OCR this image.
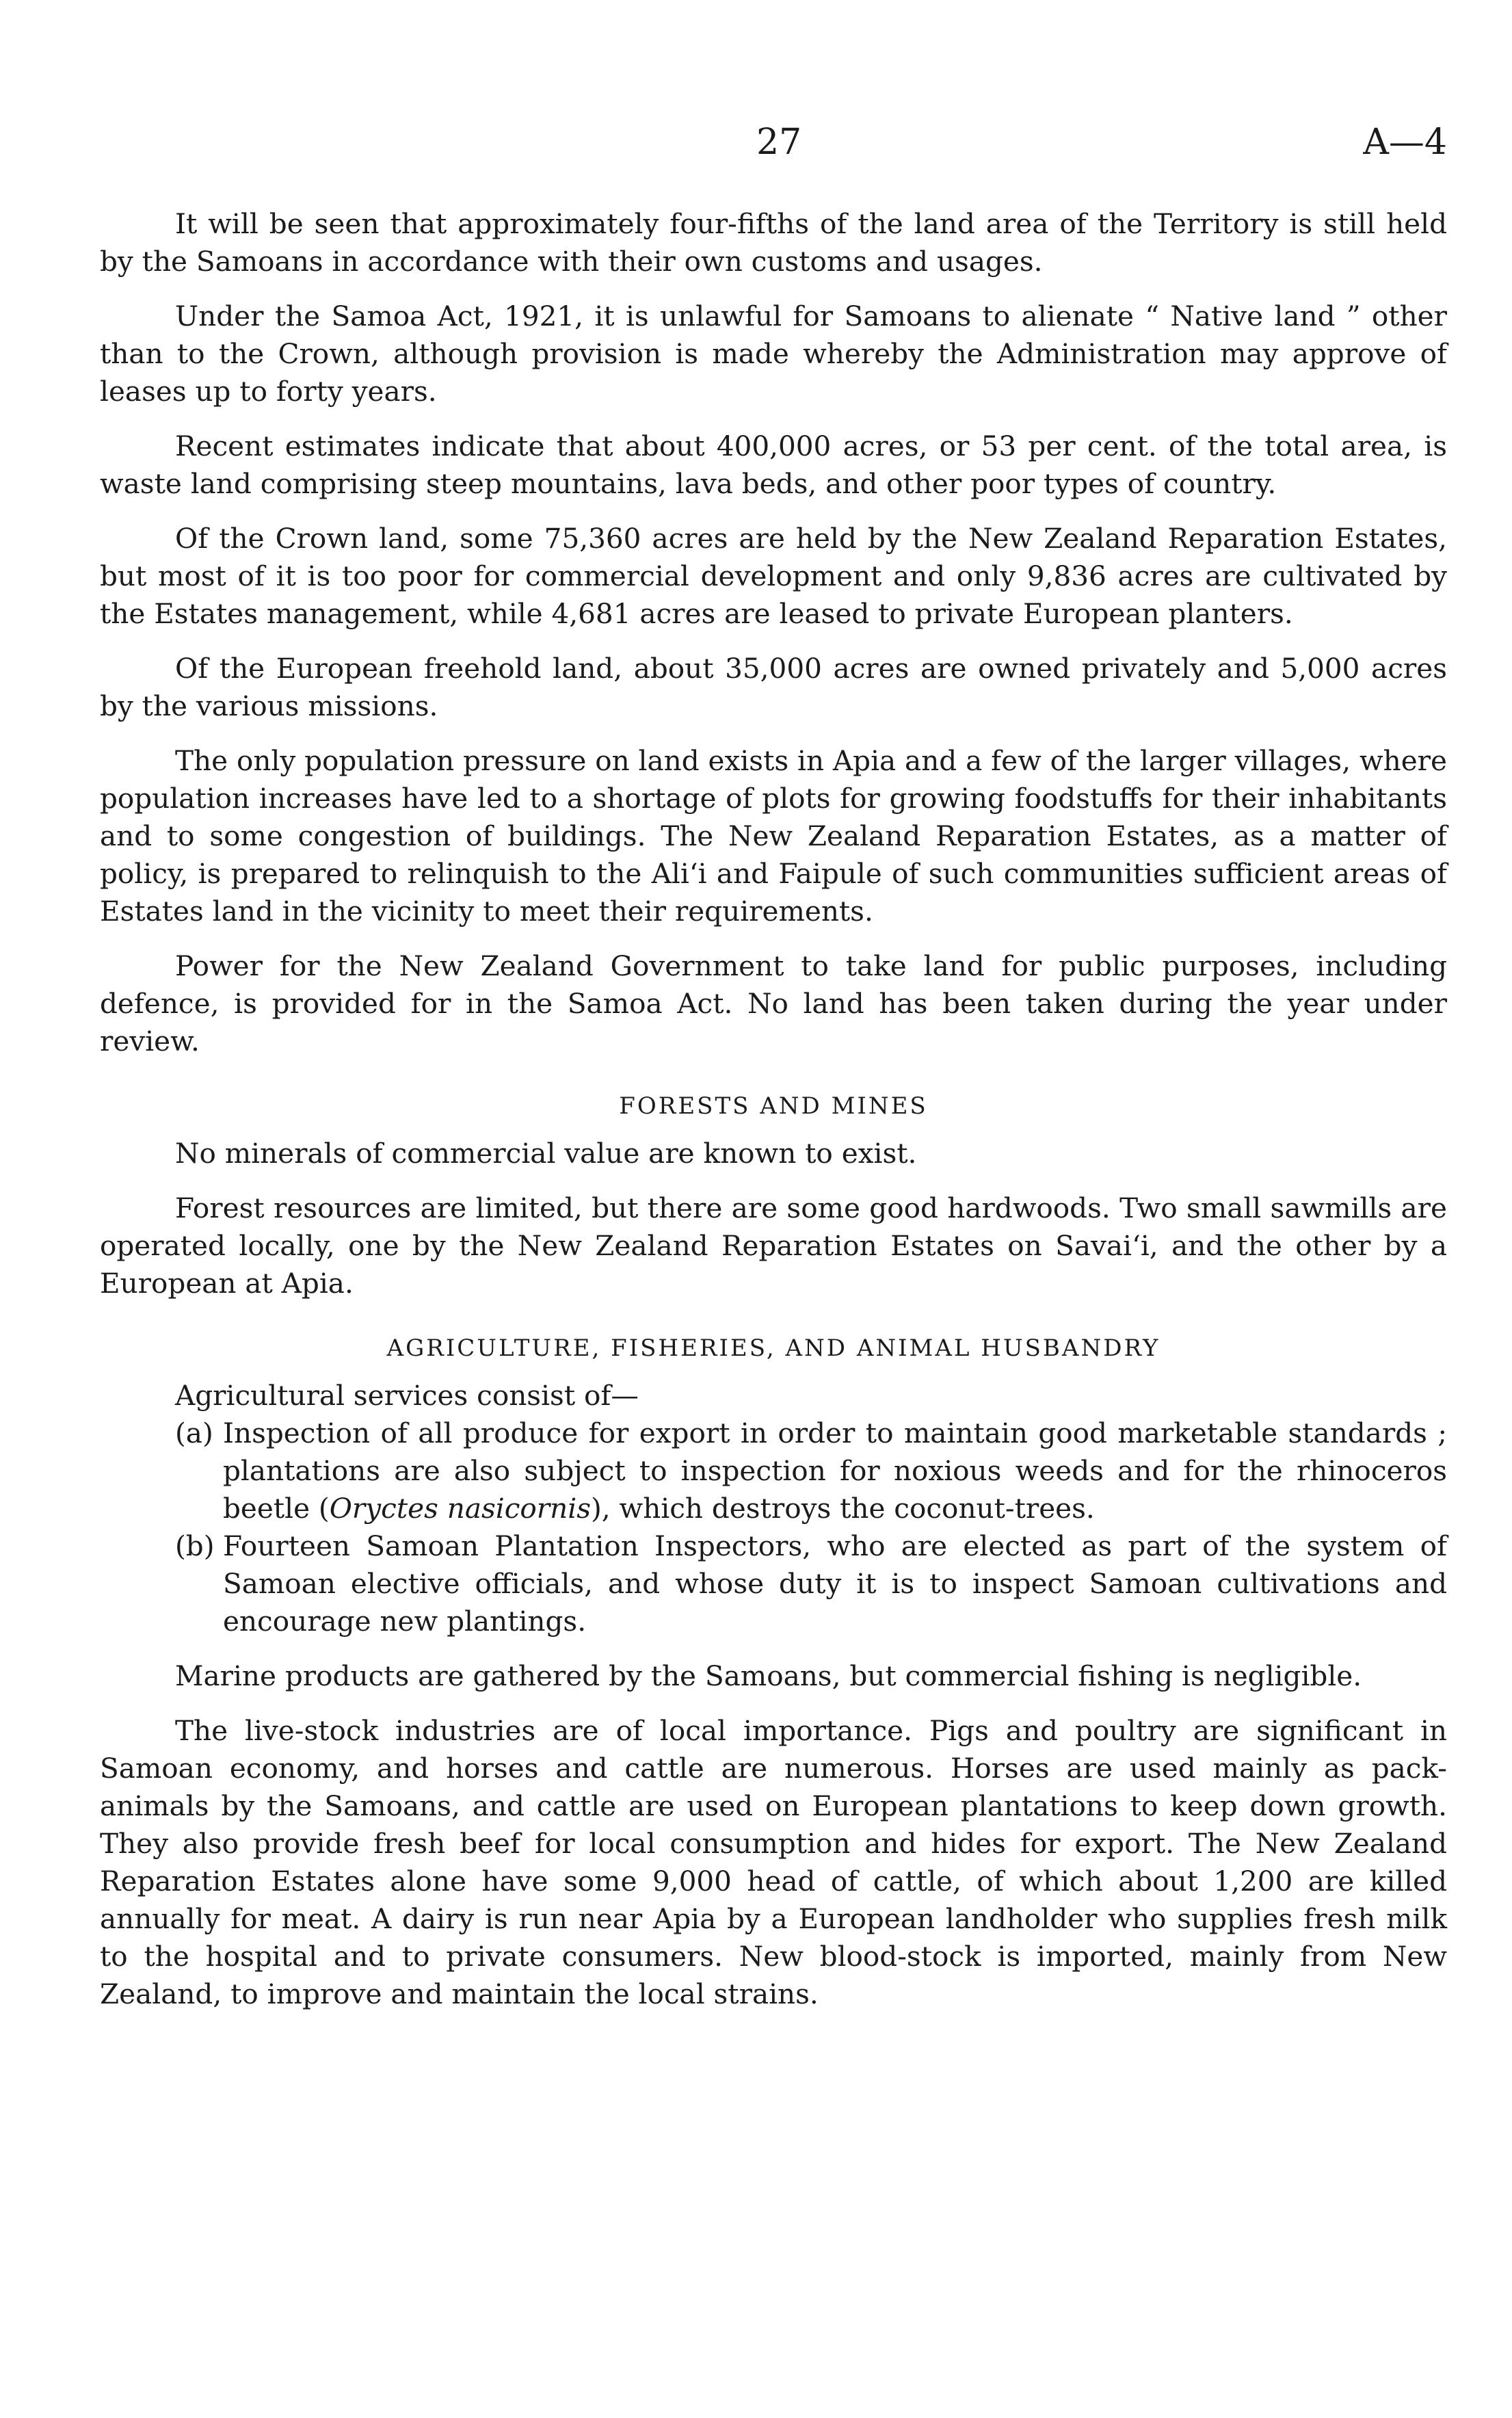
27	A—4

It will be seen that approximately four-fifths of the land area of the Territory is still held by the Samoans in accordance with their own customs and usages.

Under the Samoa Act, 1921, it is unlawful for Samoans to alienate “ Native land ” other than to the Crown, although provision is made whereby the Administration may approve of leases up to forty years.

Recent estimates indicate that about 400,000 acres, or 53 per cent. of the total area, is waste land comprising steep mountains, lava beds, and other poor types of country.

Of the Crown land, some 75,360 acres are held by the New Zealand Reparation Estates, but most of it is too poor for commercial development and only 9,836 acres are cultivated by the Estates management, while 4,681 acres are leased to private European planters.

Of the European freehold land, about 35,000 acres are owned privately and 5,000 acres by the various missions.

The only population pressure on land exists in Apia and a few of the larger villages, where population increases have led to a shortage of plots for growing foodstuffs for their inhabitants and to some congestion of buildings. The New Zealand Reparation Estates, as a matter of policy, is prepared to relinquish to the Ali‘i and Faipule of such communities sufficient areas of Estates land in the vicinity to meet their requirements.

Power for the New Zealand Government to take land for public purposes, including defence, is provided for in the Samoa Act. No land has been taken during the year under review.

FORESTS AND MINES

No minerals of commercial value are known to exist.

Forest resources are limited, but there are some good hardwoods. Two small sawmills are operated locally, one by the New Zealand Reparation Estates on Savai‘i, and the other by a European at Apia.

AGRICULTURE, FISHERIES, AND ANIMAL HUSBANDRY

Agricultural services consist of—

(a) Inspection of all produce for export in order to maintain good marketable standards ; plantations are also subject to inspection for noxious weeds and for the rhinoceros beetle (Oryctes nasicornis), which destroys the coconut-trees.
(b) Fourteen Samoan Plantation Inspectors, who are elected as part of the system of Samoan elective officials, and whose duty it is to inspect Samoan cultivations and encourage new plantings.

Marine products are gathered by the Samoans, but commercial fishing is negligible.

The live-stock industries are of local importance. Pigs and poultry are significant in Samoan economy, and horses and cattle are numerous. Horses are used mainly as pack-animals by the Samoans, and cattle are used on European plantations to keep down growth. They also provide fresh beef for local consumption and hides for export. The New Zealand Reparation Estates alone have some 9,000 head of cattle, of which about 1,200 are killed annually for meat. A dairy is run near Apia by a European landholder who supplies fresh milk to the hospital and to private consumers. New blood-stock is imported, mainly from New Zealand, to improve and maintain the local strains.
